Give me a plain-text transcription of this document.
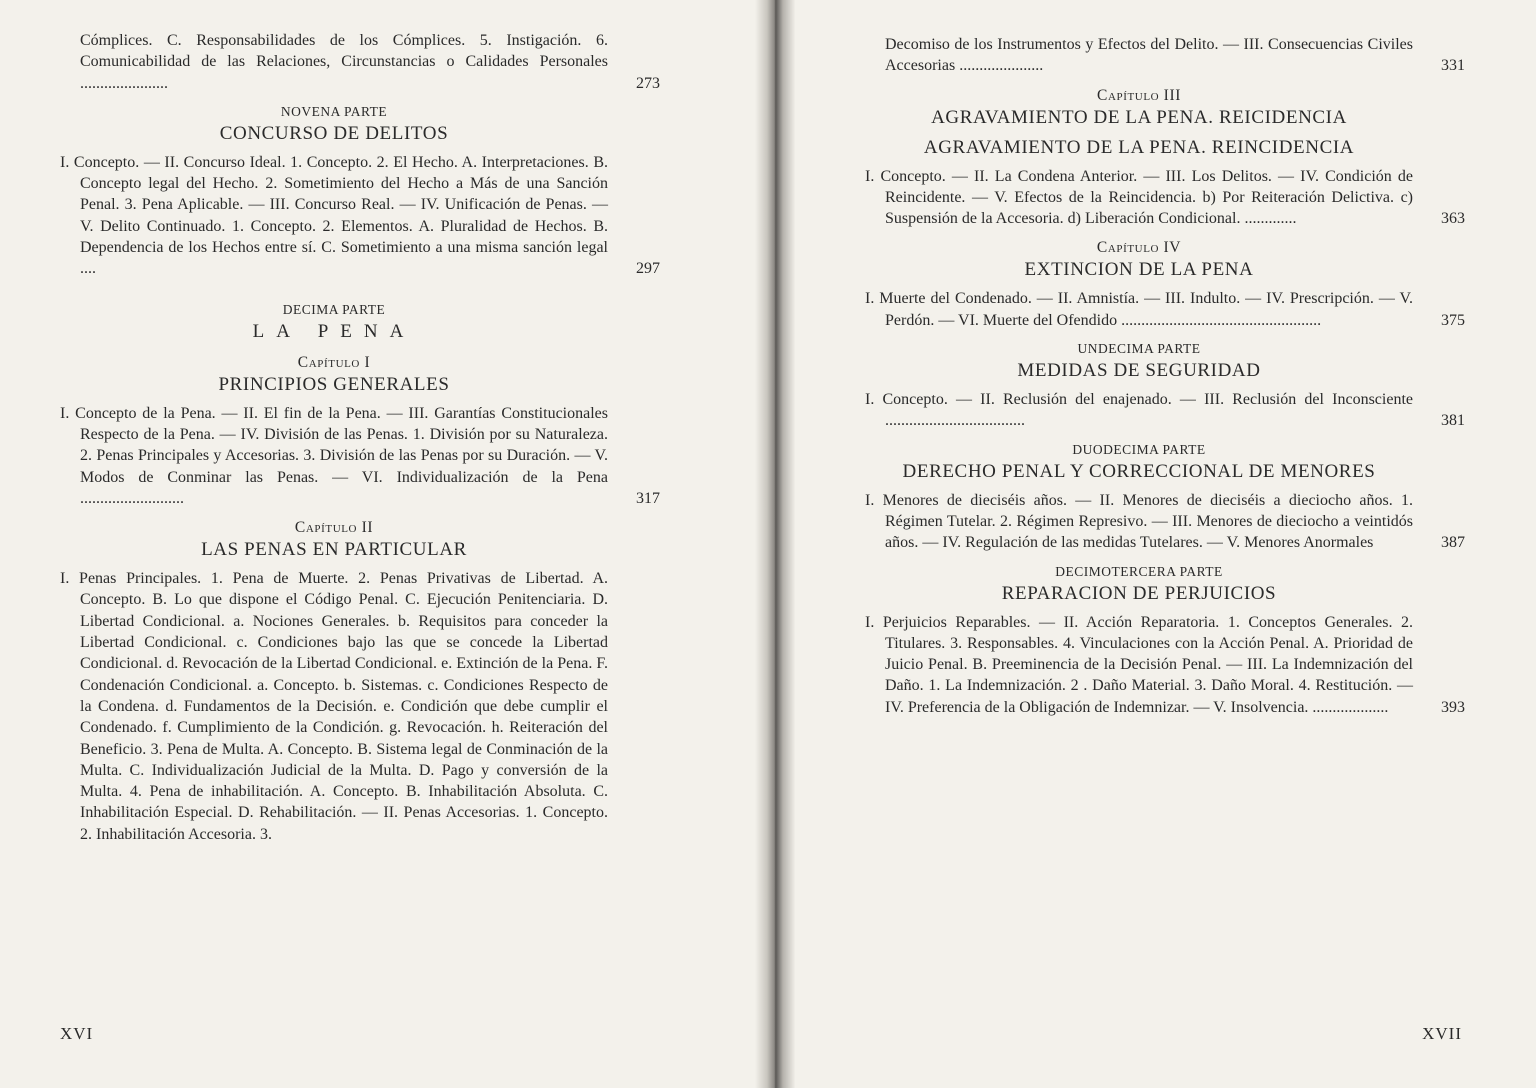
Cómplices. C. Responsabilidades de los Cómplices. 5. Instigación. 6. Comunicabilidad de las Relaciones, Circunstancias o Calidades Personales ......................	273
NOVENA PARTE
CONCURSO DE DELITOS
I. Concepto. — II. Concurso Ideal. 1. Concepto. 2. El Hecho. A. Interpretaciones. B. Concepto legal del Hecho. 2. Sometimiento del Hecho a Más de una Sanción Penal. 3. Pena Aplicable. — III. Concurso Real. — IV. Unificación de Penas. — V. Delito Continuado. 1. Concepto. 2. Elementos. A. Pluralidad de Hechos. B. Dependencia de los Hechos entre sí. C. Sometimiento a una misma sanción legal ....	297
DECIMA PARTE
LA PENA
Capítulo I
PRINCIPIOS GENERALES
I. Concepto de la Pena. — II. El fin de la Pena. — III. Garantías Constitucionales Respecto de la Pena. — IV. División de las Penas. 1. División por su Naturaleza. 2. Penas Principales y Accesorias. 3. División de las Penas por su Duración. — V. Modos de Conminar las Penas. — VI. Individualización de la Pena ..........................	317
Capítulo II
LAS PENAS EN PARTICULAR
I. Penas Principales. 1. Pena de Muerte. 2. Penas Privativas de Libertad. A. Concepto. B. Lo que dispone el Código Penal. C. Ejecución Penitenciaria. D. Libertad Condicional. a. Nociones Generales. b. Requisitos para conceder la Libertad Condicional. c. Condiciones bajo las que se concede la Libertad Condicional. d. Revocación de la Libertad Condicional. e. Extinción de la Pena. F. Condenación Condicional. a. Concepto. b. Sistemas. c. Condiciones Respecto de la Condena. d. Fundamentos de la Decisión. e. Condición que debe cumplir el Condenado. f. Cumplimiento de la Condición. g. Revocación. h. Reiteración del Beneficio. 3. Pena de Multa. A. Concepto. B. Sistema legal de Conminación de la Multa. C. Individualización Judicial de la Multa. D. Pago y conversión de la Multa. 4. Pena de inhabilitación. A. Concepto. B. Inhabilitación Absoluta. C. Inhabilitación Especial. D. Rehabilitación. — II. Penas Accesorias. 1. Concepto. 2. Inhabilitación Accesoria. 3.
XVI
Decomiso de los Instrumentos y Efectos del Delito. — III. Consecuencias Civiles Accesorias .....................	331
Capítulo III
AGRAVAMIENTO DE LA PENA. REICIDENCIA
AGRAVAMIENTO DE LA PENA. REINCIDENCIA
I. Concepto. — II. La Condena Anterior. — III. Los Delitos. — IV. Condición de Reincidente. — V. Efectos de la Reincidencia. b) Por Reiteración Delictiva. c) Suspensión de la Accesoria. d) Liberación Condicional. .............	363
Capítulo IV
EXTINCION DE LA PENA
I. Muerte del Condenado. — II. Amnistía. — III. Indulto. — IV. Prescripción. — V. Perdón. — VI. Muerte del Ofendido ..................................................	375
UNDECIMA PARTE
MEDIDAS DE SEGURIDAD
I. Concepto. — II. Reclusión del enajenado. — III. Reclusión del Inconsciente ...................................	381
DUODECIMA PARTE
DERECHO PENAL Y CORRECCIONAL DE MENORES
I. Menores de dieciséis años. — II. Menores de dieciséis a dieciocho años. 1. Régimen Tutelar. 2. Régimen Represivo. — III. Menores de dieciocho a veintidós años. — IV. Regulación de las medidas Tutelares. — V. Menores Anormales	387
DECIMOTERCERA PARTE
REPARACION DE PERJUICIOS
I. Perjuicios Reparables. — II. Acción Reparatoria. 1. Conceptos Generales. 2. Titulares. 3. Responsables. 4. Vinculaciones con la Acción Penal. A. Prioridad de Juicio Penal. B. Preeminencia de la Decisión Penal. — III. La Indemnización del Daño. 1. La Indemnización. 2 . Daño Material. 3. Daño Moral. 4. Restitución. — IV. Preferencia de la Obligación de Indemnizar. — V. Insolvencia. ...................	393
XVII
